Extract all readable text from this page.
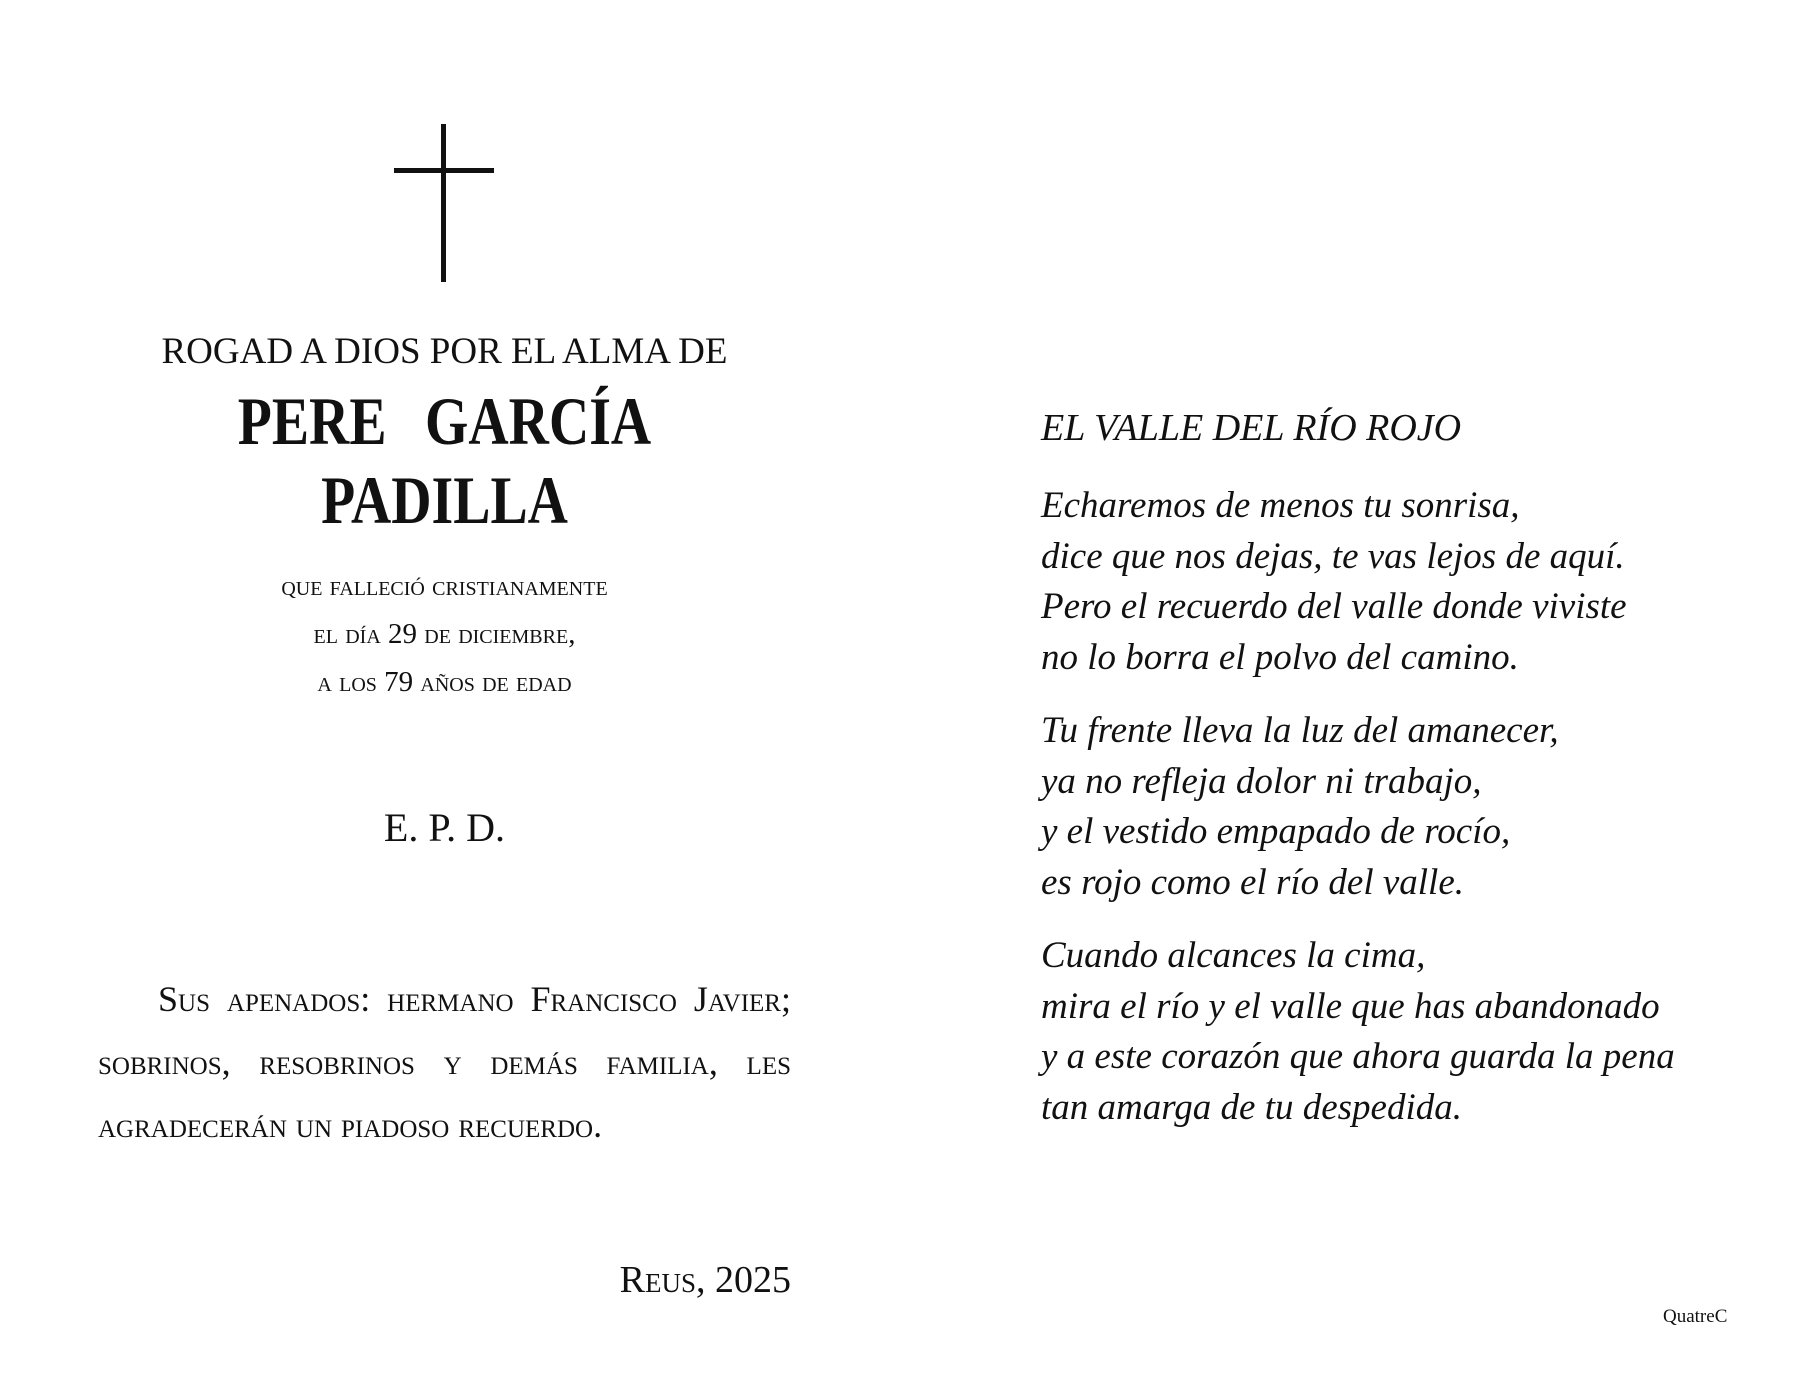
ROGAD A DIOS POR EL ALMA DE
PERE GARCÍA PADILLA
que falleció cristianamente
el día 29 de diciembre,
a los 79 años de edad
E. P. D.
Sus apenados: hermano Francisco Javier; sobrinos, resobrinos y demás familia, les agradecerán un piadoso recuerdo.
Reus, 2025
EL VALLE DEL RÍO ROJO
Echaremos de menos tu sonrisa,
dice que nos dejas, te vas lejos de aquí.
Pero el recuerdo del valle donde viviste
no lo borra el polvo del camino.
Tu frente lleva la luz del amanecer,
ya no refleja dolor ni trabajo,
y el vestido empapado de rocío,
es rojo como el río del valle.
Cuando alcances la cima,
mira el río y el valle que has abandonado
y a este corazón que ahora guarda la pena
tan amarga de tu despedida.
QuatreC
